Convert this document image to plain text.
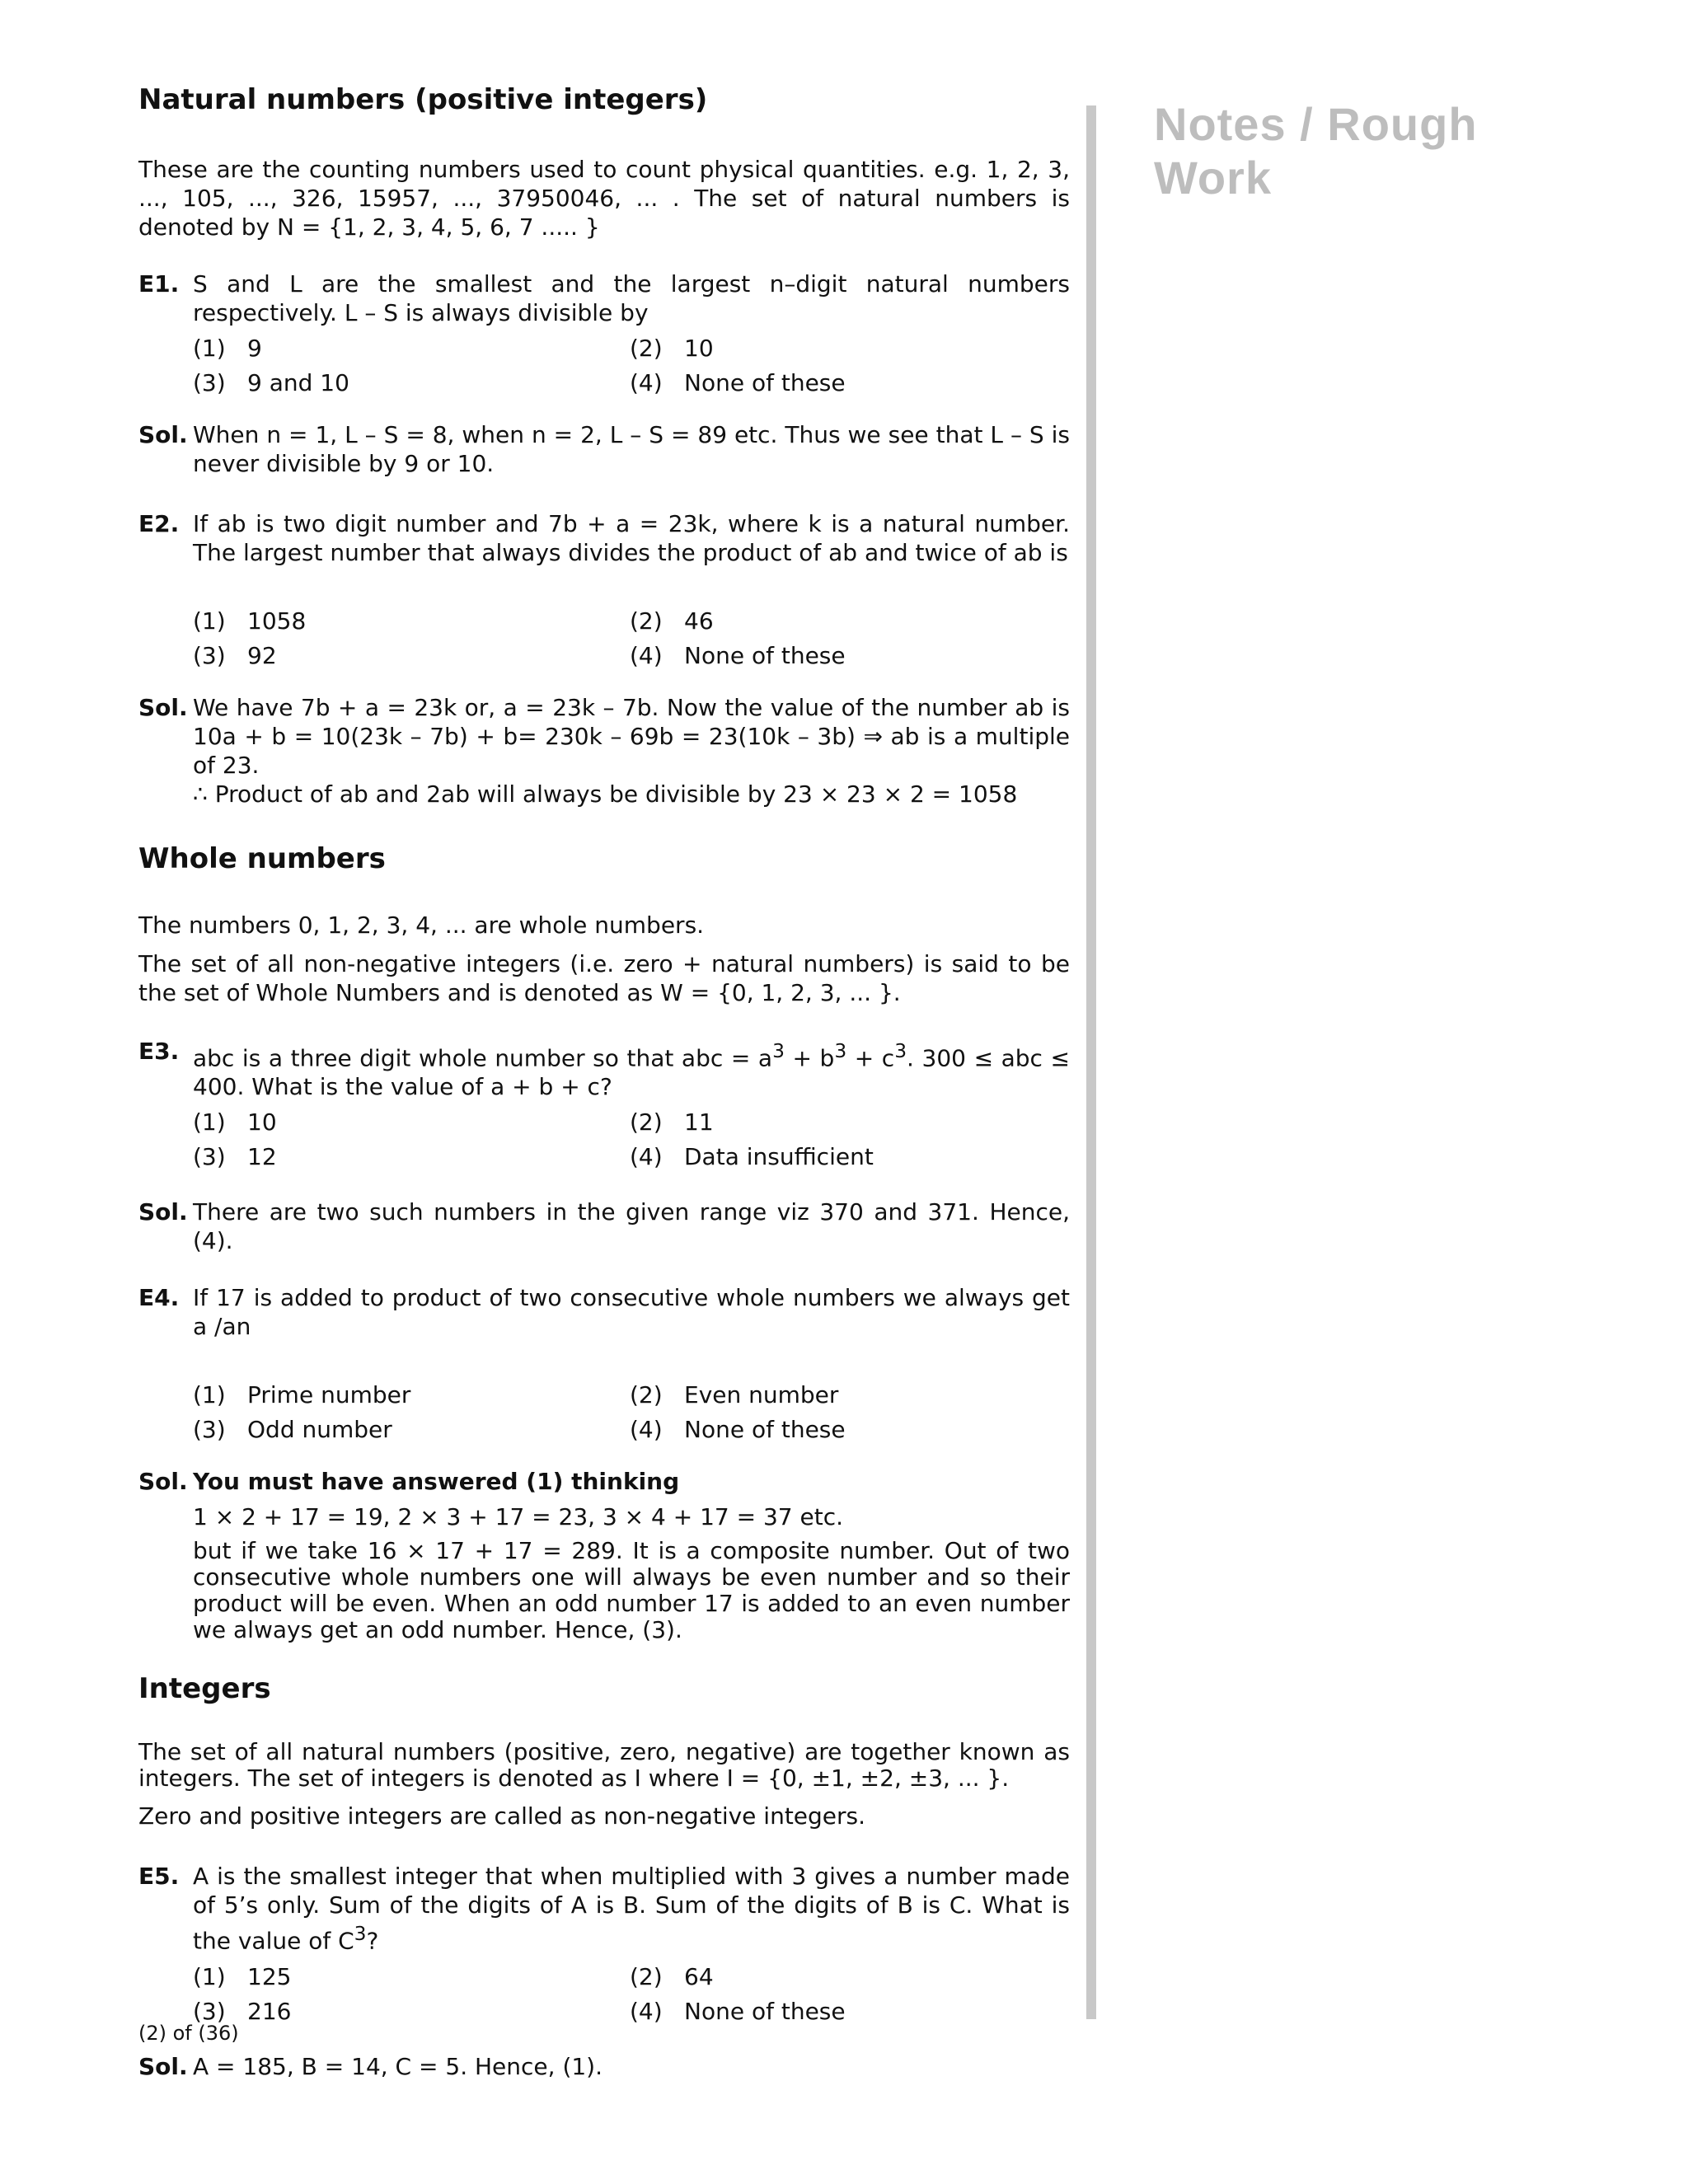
Notes / Rough Work
Natural numbers (positive integers)

These are the counting numbers used to count physical quantities. e.g. 1, 2, 3, ..., 105, ..., 326, 15957, ..., 37950046, ... . The set of natural numbers is denoted by N = {1, 2, 3, 4, 5, 6, 7 ..... }

E1. S and L are the smallest and the largest n–digit natural numbers respectively. L – S is always divisible by
(1) 9	(2) 10
(3) 9 and 10	(4) None of these
Sol. When n = 1, L – S = 8, when n = 2, L – S = 89 etc. Thus we see that L – S is never divisible by 9 or 10.
E2. If ab is two digit number and 7b + a = 23k, where k is a natural number. The largest number that always divides the product of ab and twice of ab is
(1) 1058	(2) 46
(3) 92	(4) None of these
Sol. We have 7b + a = 23k or, a = 23k – 7b. Now the value of the number ab is 10a + b = 10(23k – 7b) + b= 230k – 69b = 23(10k – 3b) ⇒ ab is a multiple of 23.
∴ Product of ab and 2ab will always be divisible by 23 × 23 × 2 = 1058
Whole numbers

The numbers 0, 1, 2, 3, 4, ... are whole numbers.

The set of all non-negative integers (i.e. zero + natural numbers) is said to be the set of Whole Numbers and is denoted as W = {0, 1, 2, 3, ... }.

E3. abc is a three digit whole number so that abc = $a^3 + b^3 + c^3$. 300 ≤ abc ≤ 400. What is the value of a + b + c?
(1) 10	(2) 11
(3) 12	(4) Data insufficient
Sol. There are two such numbers in the given range viz 370 and 371. Hence, (4).
E4. If 17 is added to product of two consecutive whole numbers we always get a /an
(1) Prime number	(2) Even number
(3) Odd number	(4) None of these
Sol. You must have answered (1) thinking
1 × 2 + 17 = 19, 2 × 3 + 17 = 23, 3 × 4 + 17 = 37 etc.
but if we take 16 × 17 + 17 = 289. It is a composite number. Out of two consecutive whole numbers one will always be even number and so their product will be even. When an odd number 17 is added to an even number we always get an odd number. Hence, (3).
Integers

The set of all natural numbers (positive, zero, negative) are together known as integers. The set of integers is denoted as I where I = {0, ±1, ±2, ±3, ... }.

Zero and positive integers are called as non-negative integers.

E5. A is the smallest integer that when multiplied with 3 gives a number made of 5’s only. Sum of the digits of A is B. Sum of the digits of B is C. What is the value of $C^3$?
(1) 125	(2) 64
(3) 216	(4) None of these
Sol. A = 185, B = 14, C = 5. Hence, (1).
(2) of (36)
